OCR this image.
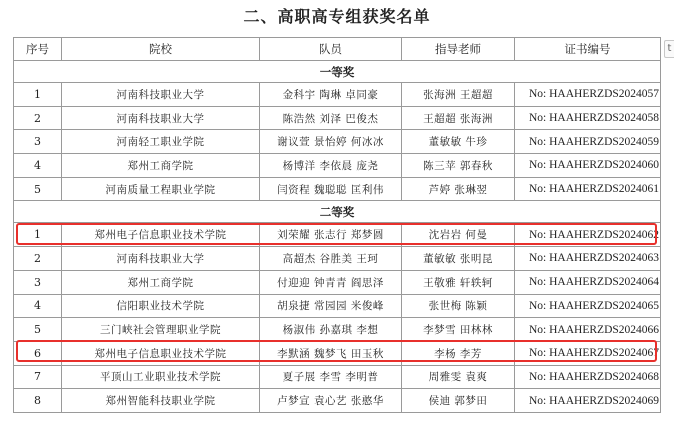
二、高职高专组获奖名单
t
序号	院校	队员	指导老师	证书编号
一等奖				
1	河南科技职业大学	金科宇 陶琳 卓同豪	张海洲 王超超	No: HAAHERZDS2024057
2	河南科技职业大学	陈浩然 刘泽 巴俊杰	王超超 张海洲	No: HAAHERZDS2024058
3	河南轻工职业学院	谢议萱 景怡婷 何冰冰	董敏敏 牛珍	No: HAAHERZDS2024059
4	郑州工商学院	杨博洋 李依晨 庞尧	陈三苹 郭春秋	No: HAAHERZDS2024060
5	河南质量工程职业学院	闫资程 魏聪聪 匡利伟	芦婷 张琳翌	No: HAAHERZDS2024061
二等奖				
1	郑州电子信息职业技术学院	刘荣耀 张志行 郑梦圆	沈岩岩 何曼	No: HAAHERZDS2024062
2	河南科技职业大学	高超杰 谷胜美 王珂	董敏敏 张明昆	No: HAAHERZDS2024063
3	郑州工商学院	付迎迎 钟青青 阎思泽	王敬雅 轩轶轲	No: HAAHERZDS2024064
4	信阳职业技术学院	胡泉捷 常园园 米俊峰	张世梅 陈颖	No: HAAHERZDS2024065
5	三门峡社会管理职业学院	杨淑伟 孙嘉琪 李想	李梦雪 田林林	No: HAAHERZDS2024066
6	郑州电子信息职业技术学院	李默涵 魏梦飞 田玉秋	李杨 李芳	No: HAAHERZDS2024067
7	平顶山工业职业技术学院	夏子展 李雪 李明普	周雅雯 袁爽	No: HAAHERZDS2024068
8	郑州智能科技职业学院	卢梦宣 袁心艺 张憨华	侯迪 郭梦田	No: HAAHERZDS2024069
